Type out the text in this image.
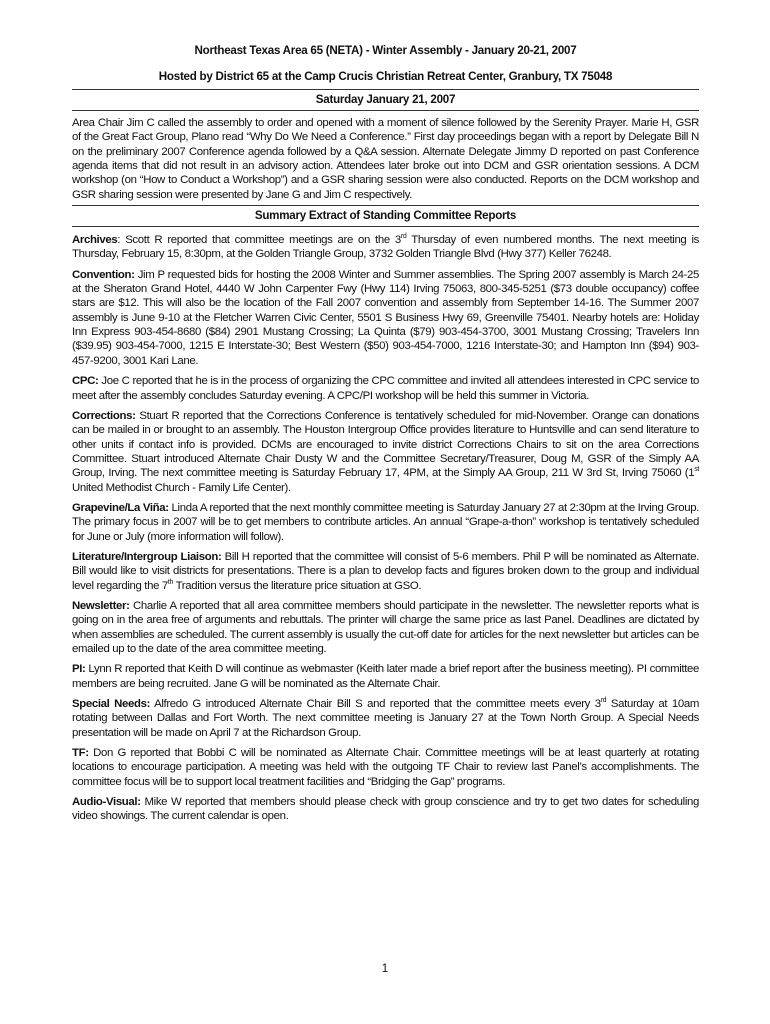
Northeast Texas Area 65 (NETA) - Winter Assembly - January 20-21, 2007
Hosted by District 65 at the Camp Crucis Christian Retreat Center, Granbury, TX 75048
Saturday January 21, 2007

Area Chair Jim C called the assembly to order and opened with a moment of silence followed by the Serenity Prayer. Marie H, GSR of the Great Fact Group, Plano read “Why Do We Need a Conference.” First day proceedings began with a report by Delegate Bill N on the preliminary 2007 Conference agenda followed by a Q&A session. Alternate Delegate Jimmy D reported on past Conference agenda items that did not result in an advisory action. Attendees later broke out into DCM and GSR orientation sessions. A DCM workshop (on “How to Conduct a Workshop”) and a GSR sharing session were also conducted. Reports on the DCM workshop and GSR sharing session were presented by Jane G and Jim C respectively.

Summary Extract of Standing Committee Reports

Archives: Scott R reported that committee meetings are on the 3rd Thursday of even numbered months. The next meeting is Thursday, February 15, 8:30pm, at the Golden Triangle Group, 3732 Golden Triangle Blvd (Hwy 377) Keller 76248.

Convention: Jim P requested bids for hosting the 2008 Winter and Summer assemblies. The Spring 2007 assembly is March 24-25 at the Sheraton Grand Hotel, 4440 W John Carpenter Fwy (Hwy 114) Irving 75063, 800-345-5251 ($73 double occupancy) coffee stars are $12. This will also be the location of the Fall 2007 convention and assembly from September 14-16. The Summer 2007 assembly is June 9-10 at the Fletcher Warren Civic Center, 5501 S Business Hwy 69, Greenville 75401. Nearby hotels are: Holiday Inn Express 903-454-8680 ($84) 2901 Mustang Crossing; La Quinta ($79) 903-454-3700, 3001 Mustang Crossing; Travelers Inn ($39.95) 903-454-7000, 1215 E Interstate-30; Best Western ($50) 903-454-7000, 1216 Interstate-30; and Hampton Inn ($94) 903-457-9200, 3001 Kari Lane.

CPC: Joe C reported that he is in the process of organizing the CPC committee and invited all attendees interested in CPC service to meet after the assembly concludes Saturday evening. A CPC/PI workshop will be held this summer in Victoria.

Corrections: Stuart R reported that the Corrections Conference is tentatively scheduled for mid-November. Orange can donations can be mailed in or brought to an assembly. The Houston Intergroup Office provides literature to Huntsville and can send literature to other units if contact info is provided. DCMs are encouraged to invite district Corrections Chairs to sit on the area Corrections Committee. Stuart introduced Alternate Chair Dusty W and the Committee Secretary/Treasurer, Doug M, GSR of the Simply AA Group, Irving. The next committee meeting is Saturday February 17, 4PM, at the Simply AA Group, 211 W 3rd St, Irving 75060 (1st United Methodist Church - Family Life Center).

Grapevine/La Viña: Linda A reported that the next monthly committee meeting is Saturday January 27 at 2:30pm at the Irving Group. The primary focus in 2007 will be to get members to contribute articles. An annual “Grape-a-thon” workshop is tentatively scheduled for June or July (more information will follow).

Literature/Intergroup Liaison: Bill H reported that the committee will consist of 5-6 members. Phil P will be nominated as Alternate. Bill would like to visit districts for presentations. There is a plan to develop facts and figures broken down to the group and individual level regarding the 7th Tradition versus the literature price situation at GSO.

Newsletter: Charlie A reported that all area committee members should participate in the newsletter. The newsletter reports what is going on in the area free of arguments and rebuttals. The printer will charge the same price as last Panel. Deadlines are dictated by when assemblies are scheduled. The current assembly is usually the cut-off date for articles for the next newsletter but articles can be emailed up to the date of the area committee meeting.

PI: Lynn R reported that Keith D will continue as webmaster (Keith later made a brief report after the business meeting). PI committee members are being recruited. Jane G will be nominated as the Alternate Chair.

Special Needs: Alfredo G introduced Alternate Chair Bill S and reported that the committee meets every 3rd Saturday at 10am rotating between Dallas and Fort Worth. The next committee meeting is January 27 at the Town North Group. A Special Needs presentation will be made on April 7 at the Richardson Group.

TF: Don G reported that Bobbi C will be nominated as Alternate Chair. Committee meetings will be at least quarterly at rotating locations to encourage participation. A meeting was held with the outgoing TF Chair to review last Panel’s accomplishments. The committee focus will be to support local treatment facilities and “Bridging the Gap” programs.

Audio-Visual: Mike W reported that members should please check with group conscience and try to get two dates for scheduling video showings. The current calendar is open.

1
